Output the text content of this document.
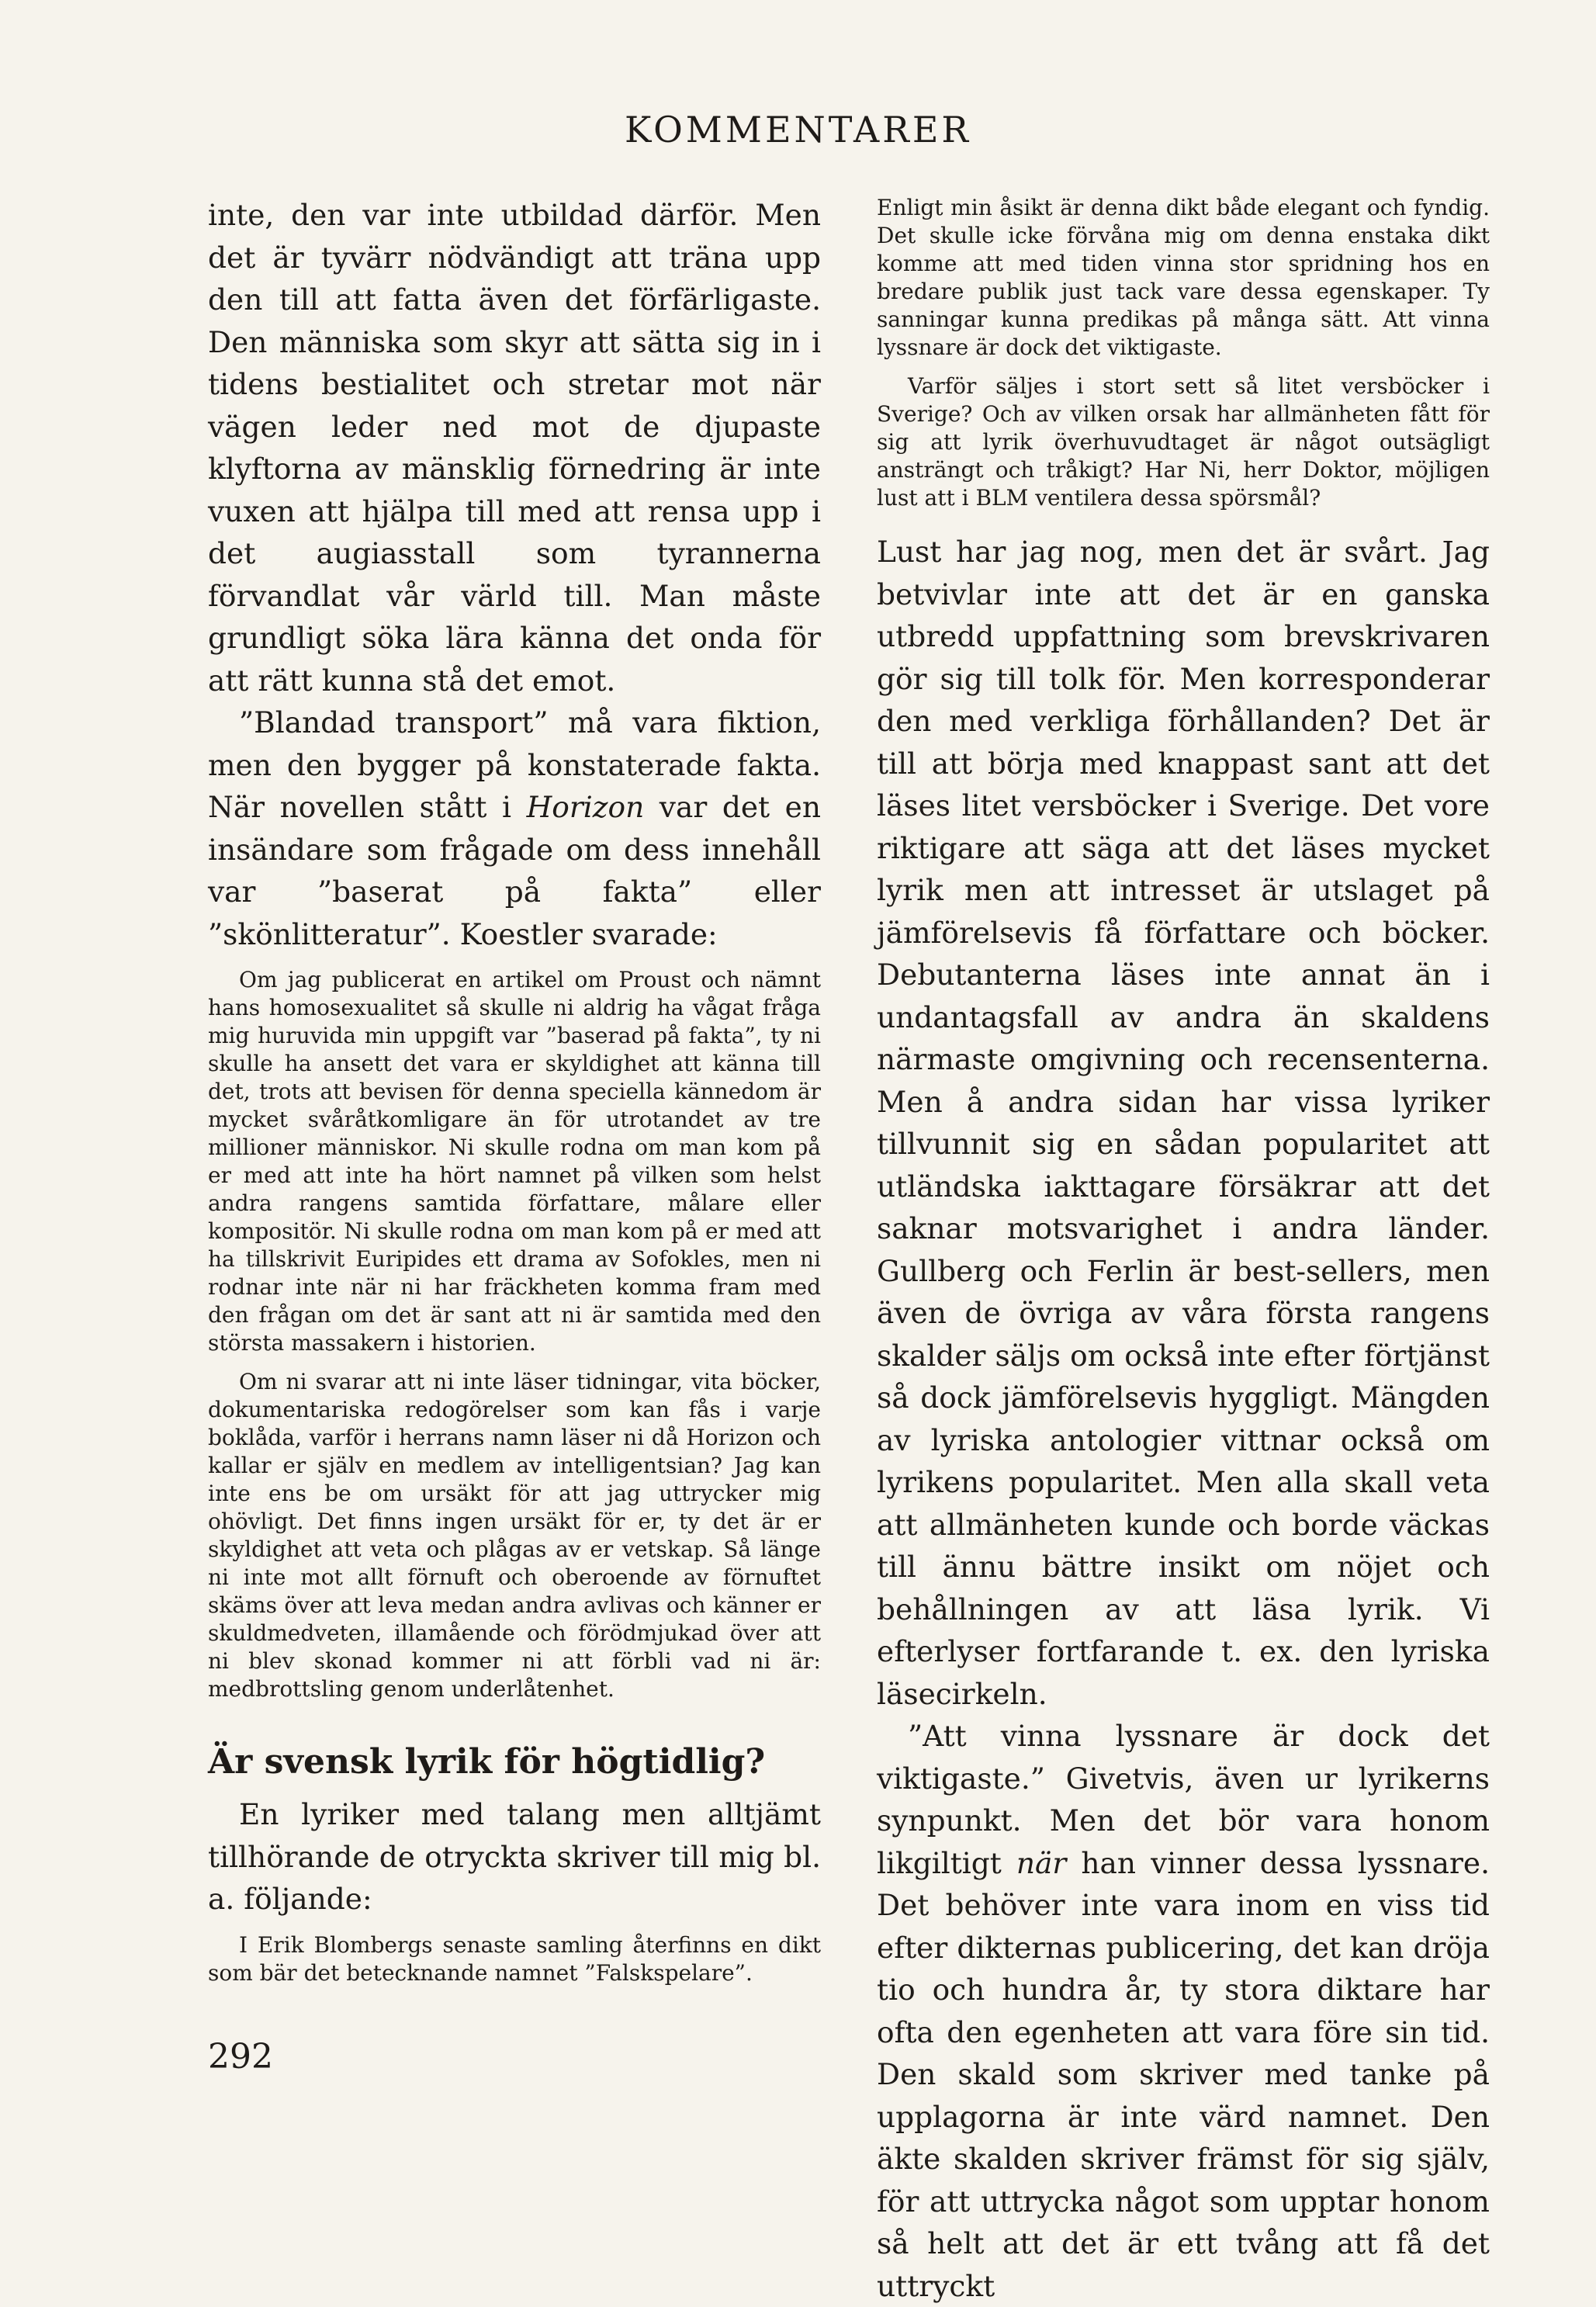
KOMMENTARER

inte, den var inte utbildad därför. Men det är tyvärr nödvändigt att träna upp den till att fatta även det förfärligaste. Den människa som skyr att sätta sig in i tidens bestialitet och stretar mot när vägen leder ned mot de djupaste klyftorna av mänsklig förnedring är inte vuxen att hjälpa till med att rensa upp i det augiasstall som tyrannerna förvandlat vår värld till. Man måste grundligt söka lära känna det onda för att rätt kunna stå det emot.

”Blandad transport” må vara fiktion, men den bygger på konstaterade fakta. När novellen stått i Horizon var det en insändare som frågade om dess innehåll var ”baserat på fakta” eller ”skönlitteratur”. Koestler svarade:

Om jag publicerat en artikel om Proust och nämnt hans homosexualitet så skulle ni aldrig ha vågat fråga mig huruvida min uppgift var ”baserad på fakta”, ty ni skulle ha ansett det vara er skyldighet att känna till det, trots att bevisen för denna speciella kännedom är mycket svåråtkomligare än för utrotandet av tre millioner människor. Ni skulle rodna om man kom på er med att inte ha hört namnet på vilken som helst andra rangens samtida författare, målare eller kompositör. Ni skulle rodna om man kom på er med att ha tillskrivit Euripides ett drama av Sofokles, men ni rodnar inte när ni har fräckheten komma fram med den frågan om det är sant att ni är samtida med den största massakern i historien.

Om ni svarar att ni inte läser tidningar, vita böcker, dokumentariska redogörelser som kan fås i varje boklåda, varför i herrans namn läser ni då Horizon och kallar er själv en medlem av intelligentsian? Jag kan inte ens be om ursäkt för att jag uttrycker mig ohövligt. Det finns ingen ursäkt för er, ty det är er skyldighet att veta och plågas av er vetskap. Så länge ni inte mot allt förnuft och oberoende av förnuftet skäms över att leva medan andra avlivas och känner er skuldmedveten, illamående och förödmjukad över att ni blev skonad kommer ni att förbli vad ni är: medbrottsling genom underlåtenhet.

Är svensk lyrik för högtidlig?

En lyriker med talang men alltjämt tillhörande de otryckta skriver till mig bl. a. följande:

I Erik Blombergs senaste samling återfinns en dikt som bär det betecknande namnet ”Falskspelare”.

Enligt min åsikt är denna dikt både elegant och fyndig. Det skulle icke förvåna mig om denna enstaka dikt komme att med tiden vinna stor spridning hos en bredare publik just tack vare dessa egenskaper. Ty sanningar kunna predikas på många sätt. Att vinna lyssnare är dock det viktigaste.

Varför säljes i stort sett så litet versböcker i Sverige? Och av vilken orsak har allmänheten fått för sig att lyrik överhuvudtaget är något outsägligt ansträngt och tråkigt? Har Ni, herr Doktor, möjligen lust att i BLM ventilera dessa spörsmål?

Lust har jag nog, men det är svårt. Jag betvivlar inte att det är en ganska utbredd uppfattning som brevskrivaren gör sig till tolk för. Men korresponderar den med verkliga förhållanden? Det är till att börja med knappast sant att det läses litet versböcker i Sverige. Det vore riktigare att säga att det läses mycket lyrik men att intresset är utslaget på jämförelsevis få författare och böcker. Debutanterna läses inte annat än i undantagsfall av andra än skaldens närmaste omgivning och recensenterna. Men å andra sidan har vissa lyriker tillvunnit sig en sådan popularitet att utländska iakttagare försäkrar att det saknar motsvarighet i andra länder. Gullberg och Ferlin är best-sellers, men även de övriga av våra första rangens skalder säljs om också inte efter förtjänst så dock jämförelsevis hyggligt. Mängden av lyriska antologier vittnar också om lyrikens popularitet. Men alla skall veta att allmänheten kunde och borde väckas till ännu bättre insikt om nöjet och behållningen av att läsa lyrik. Vi efterlyser fortfarande t. ex. den lyriska läsecirkeln.

”Att vinna lyssnare är dock det viktigaste.” Givetvis, även ur lyrikerns synpunkt. Men det bör vara honom likgiltigt när han vinner dessa lyssnare. Det behöver inte vara inom en viss tid efter dikternas publicering, det kan dröja tio och hundra år, ty stora diktare har ofta den egenheten att vara före sin tid. Den skald som skriver med tanke på upplagorna är inte värd namnet. Den äkte skalden skriver främst för sig själv, för att uttrycka något som upptar honom så helt att det är ett tvång att få det uttryckt

292
